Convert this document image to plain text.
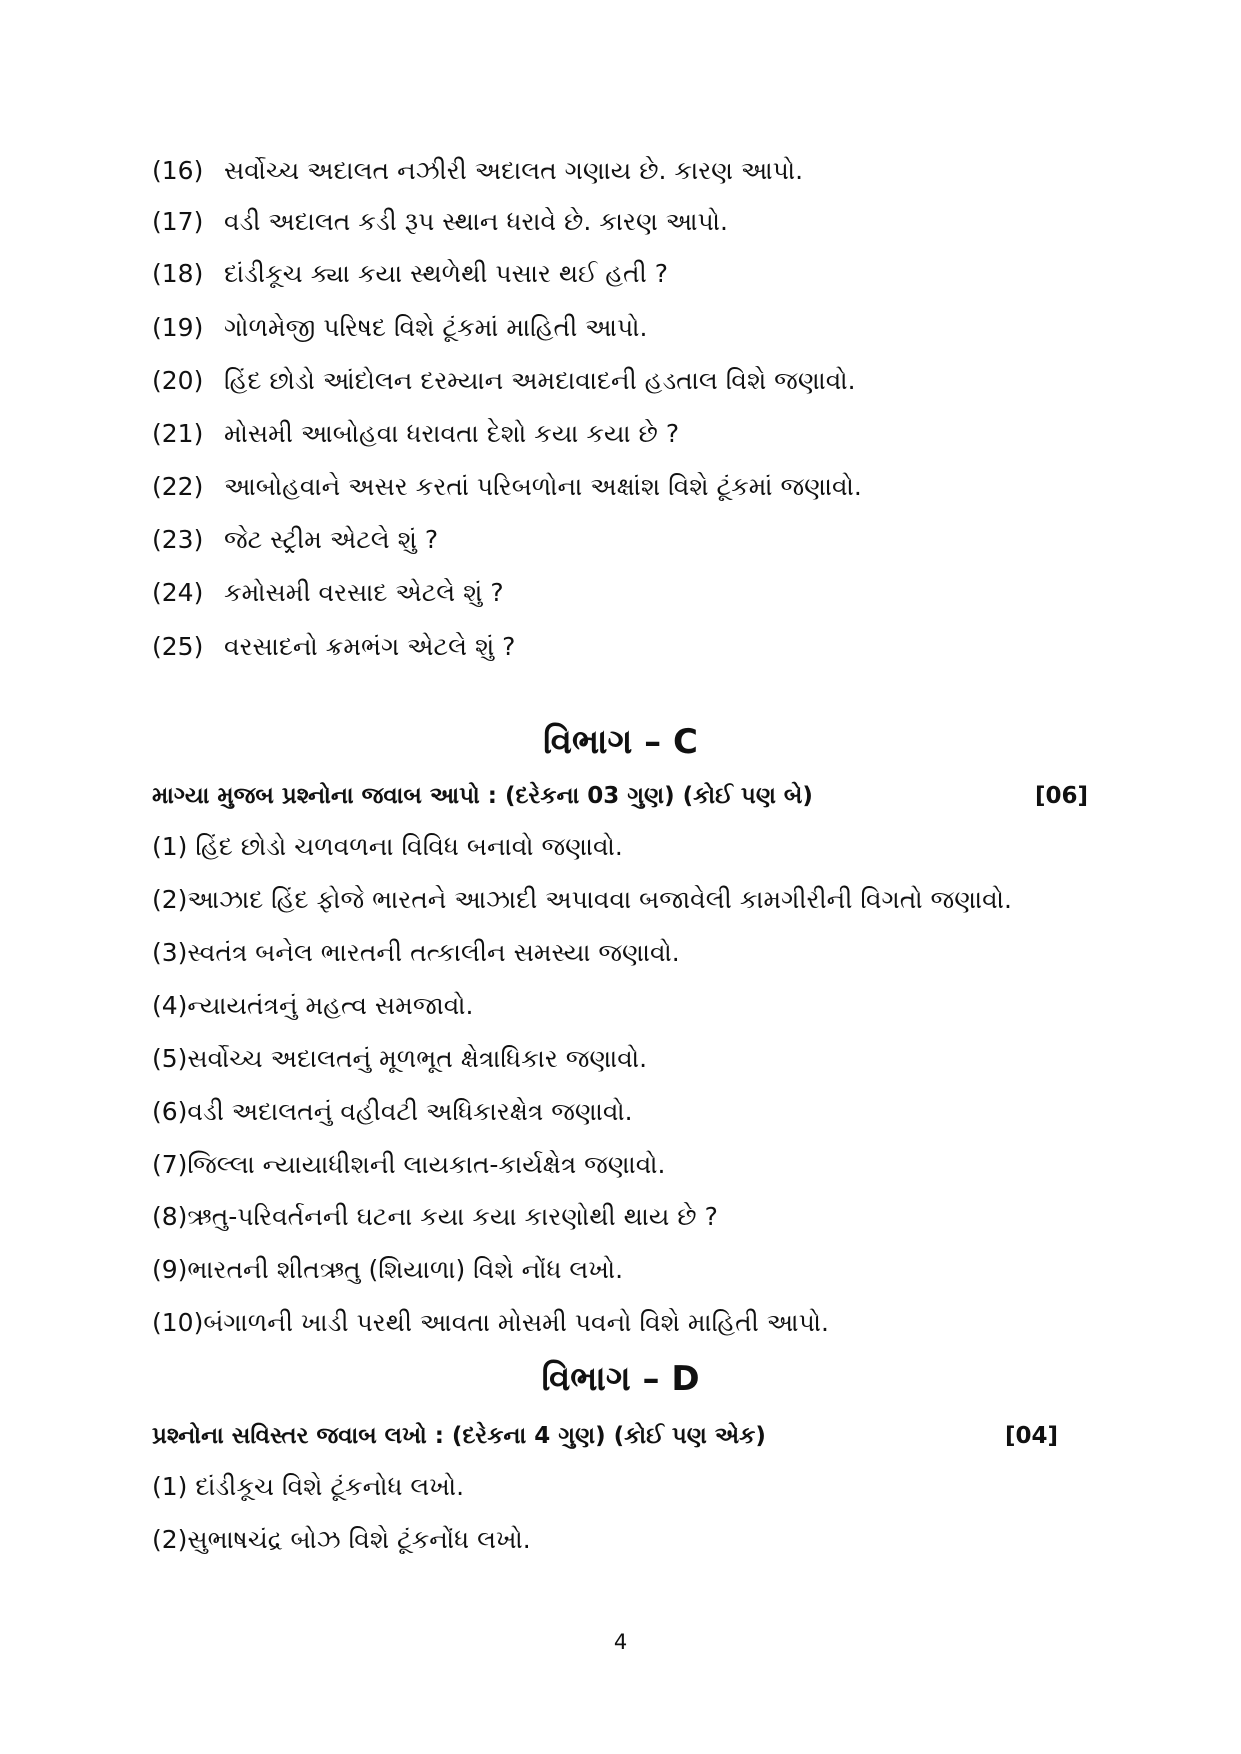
(16) સર્વોચ્ચ અદાલત નઝીરી અદાલત ગણાય છે. કારણ આપો.
(17) વડી અદાલત કડી રૂપ સ્થાન ધરાવે છે. કારણ આપો.
(18) દાંડીકૂચ ક્યા કયા સ્થળેથી પસાર થઈ હતી ?
(19) ગોળમેજી પરિષદ વિશે ટૂંકમાં માહિતી આપો.
(20) હિંદ છોડો આંદોલન દરમ્યાન અમદાવાદની હડતાલ વિશે જણાવો.
(21) મોસમી આબોહવા ધરાવતા દેશો કયા કયા છે ?
(22) આબોહવાને અસર કરતાં પરિબળોના અક્ષાંશ વિશે ટૂંકમાં જણાવો.
(23) જેટ સ્ટ્રીમ એટલે શું ?
(24) કમોસમી વરસાદ એટલે શું ?
(25) વરસાદનો ક્રમભંગ એટલે શું ?
વિભાગ – C
માગ્યા મુજબ પ્રશ્નોના જવાબ આપો : (દરેકના 03 ગુણ) (કોઈ પણ બે)	[06]
(1) હિંદ છોડો ચળવળના વિવિધ બનાવો જણાવો.
(2)આઝાદ હિંદ ફોજે ભારતને આઝાદી અપાવવા બજાવેલી કામગીરીની વિગતો જણાવો.
(3)સ્વતંત્ર બનેલ ભારતની તત્કાલીન સમસ્યા જણાવો.
(4)ન્યાયતંત્રનું મહત્વ સમજાવો.
(5)સર્વોચ્ચ અદાલતનું મૂળભૂત ક્ષેત્રાધિકાર જણાવો.
(6)વડી અદાલતનું વહીવટી અધિકારક્ષેત્ર જણાવો.
(7)જિલ્લા ન્યાયાધીશની લાયકાત-કાર્યક્ષેત્ર જણાવો.
(8)ઋતુ-પરિવર્તનની ઘટના કયા કયા કારણોથી થાય છે ?
(9)ભારતની શીતઋતુ (શિયાળા) વિશે નોંધ લખો.
(10)બંગાળની ખાડી પરથી આવતા મોસમી પવનો વિશે માહિતી આપો.
વિભાગ – D
પ્રશ્નોના સવિસ્તર જવાબ લખો : (દરેકના 4 ગુણ) (કોઈ પણ એક)	[04]
(1) દાંડીકૂચ વિશે ટૂંકનોધ લખો.
(2)સુભાષચંદ્ર બોઝ વિશે ટૂંકનોંધ લખો.
4
